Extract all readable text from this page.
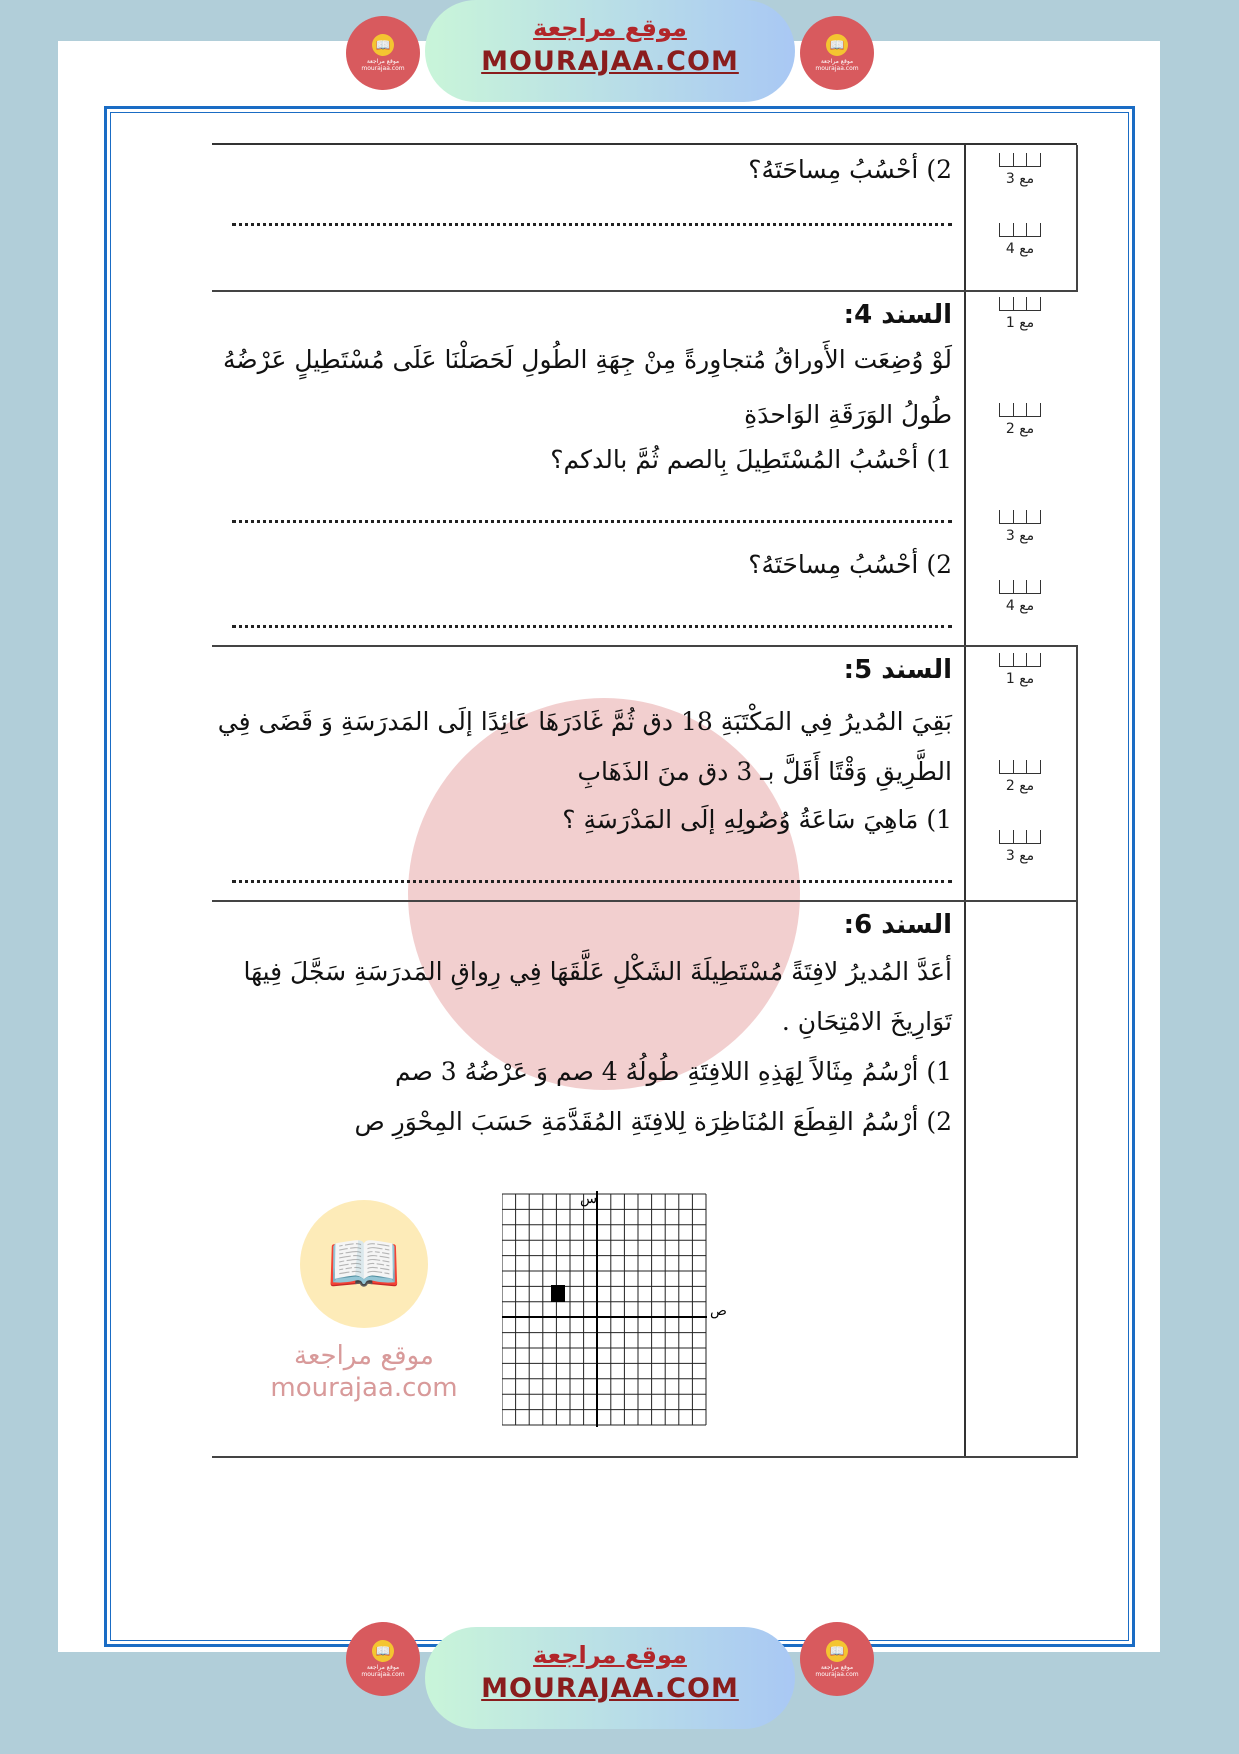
📖
موقع مراجعة
mourajaa.com
موقع مراجعة
MOURAJAA.COM
📖
موقع مراجعة mourajaa.com
📖
موقع مراجعة mourajaa.com
2) أحْسُبُ مِساحَتَهُ؟	مع 3
مع 4
السند 4:
لَوْ وُضِعَت الأَوراقُ مُتجاوِرةً مِنْ جِهَةِ الطُولِ لَحَصَلْنَا عَلَى مُسْتَطِيلٍ عَرْضُهُ
طُولُ الوَرَقَةِ الوَاحدَةِ
1) أحْسُبُ المُسْتَطِيلَ بِالصم ثُمَّ بالدكم؟
2) أحْسُبُ مِساحَتَهُ؟
مع 1
مع 2
مع 3
مع 4
السند 5:
بَقِيَ المُديرُ فِي المَكْتَبَةِ 18 دق ثُمَّ غَادَرَهَا عَائِدًا إلَى المَدرَسَةِ وَ قَضَى فِي
الطَّرِيقِ وَقْتًا أَقَلَّ بـ 3 دق منَ الذَهَابِ
1) مَاهِيَ سَاعَةُ وُصُولِهِ إلَى المَدْرَسَةِ ؟
مع 1
مع 2
مع 3
السند 6:
أعَدَّ المُديرُ لافِتَةً مُسْتَطِيلَةَ الشَكْلِ عَلَّقَهَا فِي رِواقِ المَدرَسَةِ سَجَّلَ فِيهَا
تَوَارِيخَ الامْتِحَانِ .
1) أرْسُمُ مِثَالاً لِهَذِهِ اللافِتَةِ طُولُهُ 4 صم وَ عَرْضُهُ 3 صم
2) أرْسُمُ القِطَعَ المُنَاظِرَة لِلافِتَةِ المُقَدَّمَةِ حَسَبَ المِحْوَرِ ص
س
ص
موقع مراجعة
MOURAJAA.COM
📖
موقع مراجعة mourajaa.com
📖
موقع مراجعة mourajaa.com
